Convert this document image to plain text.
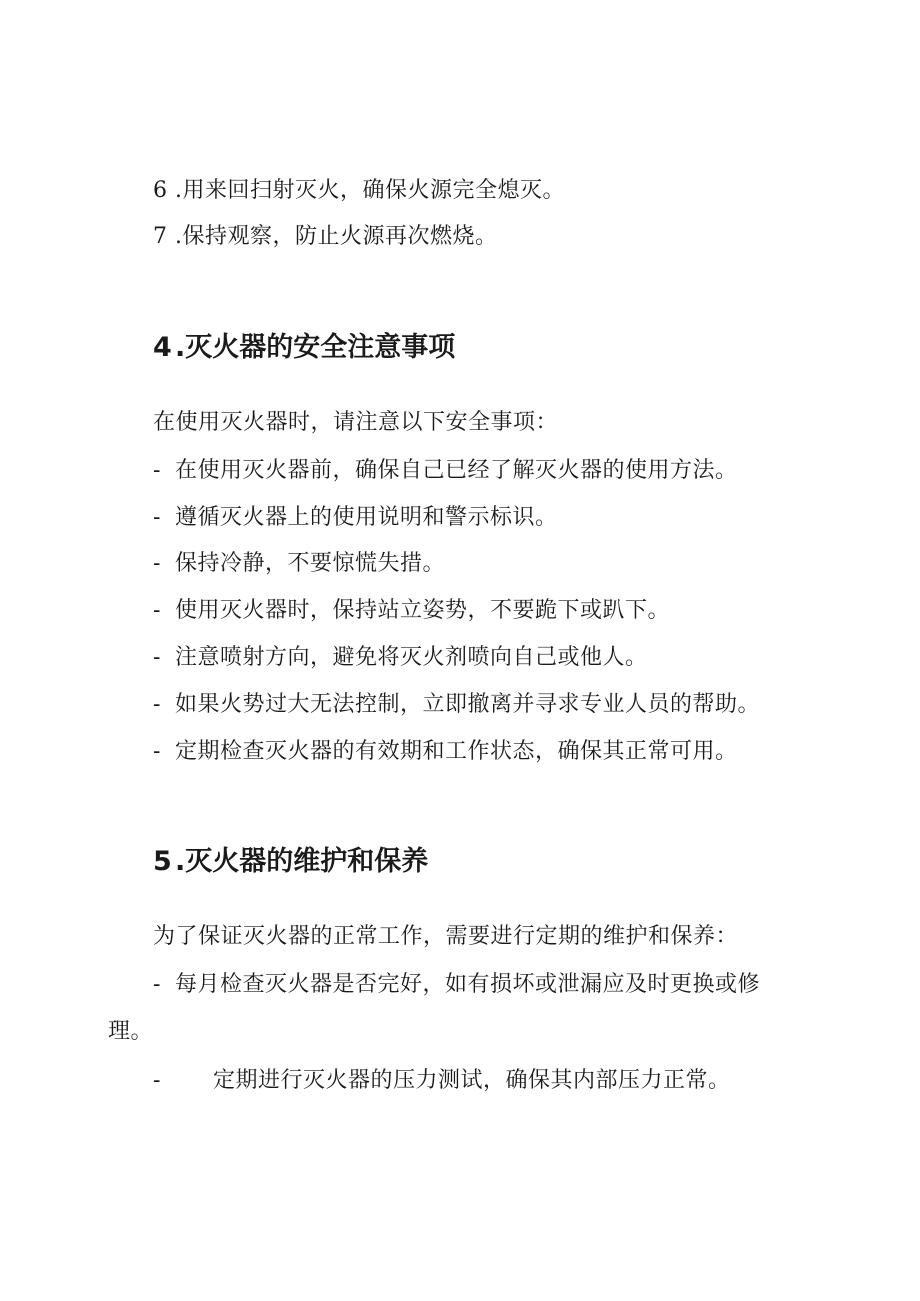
6 .用来回扫射灭火，确保火源完全熄灭。
7 .保持观察，防止火源再次燃烧。
4 .灭火器的安全注意事项
在使用灭火器时，请注意以下安全事项：
- 在使用灭火器前，确保自己已经了解灭火器的使用方法。
- 遵循灭火器上的使用说明和警示标识。
- 保持冷静，不要惊慌失措。
- 使用灭火器时，保持站立姿势，不要跪下或趴下。
- 注意喷射方向，避免将灭火剂喷向自己或他人。
- 如果火势过大无法控制，立即撤离并寻求专业人员的帮助。
- 定期检查灭火器的有效期和工作状态，确保其正常可用。
5 .灭火器的维护和保养
为了保证灭火器的正常工作，需要进行定期的维护和保养：
- 每月检查灭火器是否完好，如有损坏或泄漏应及时更换或修
理。
- 定期进行灭火器的压力测试，确保其内部压力正常。
